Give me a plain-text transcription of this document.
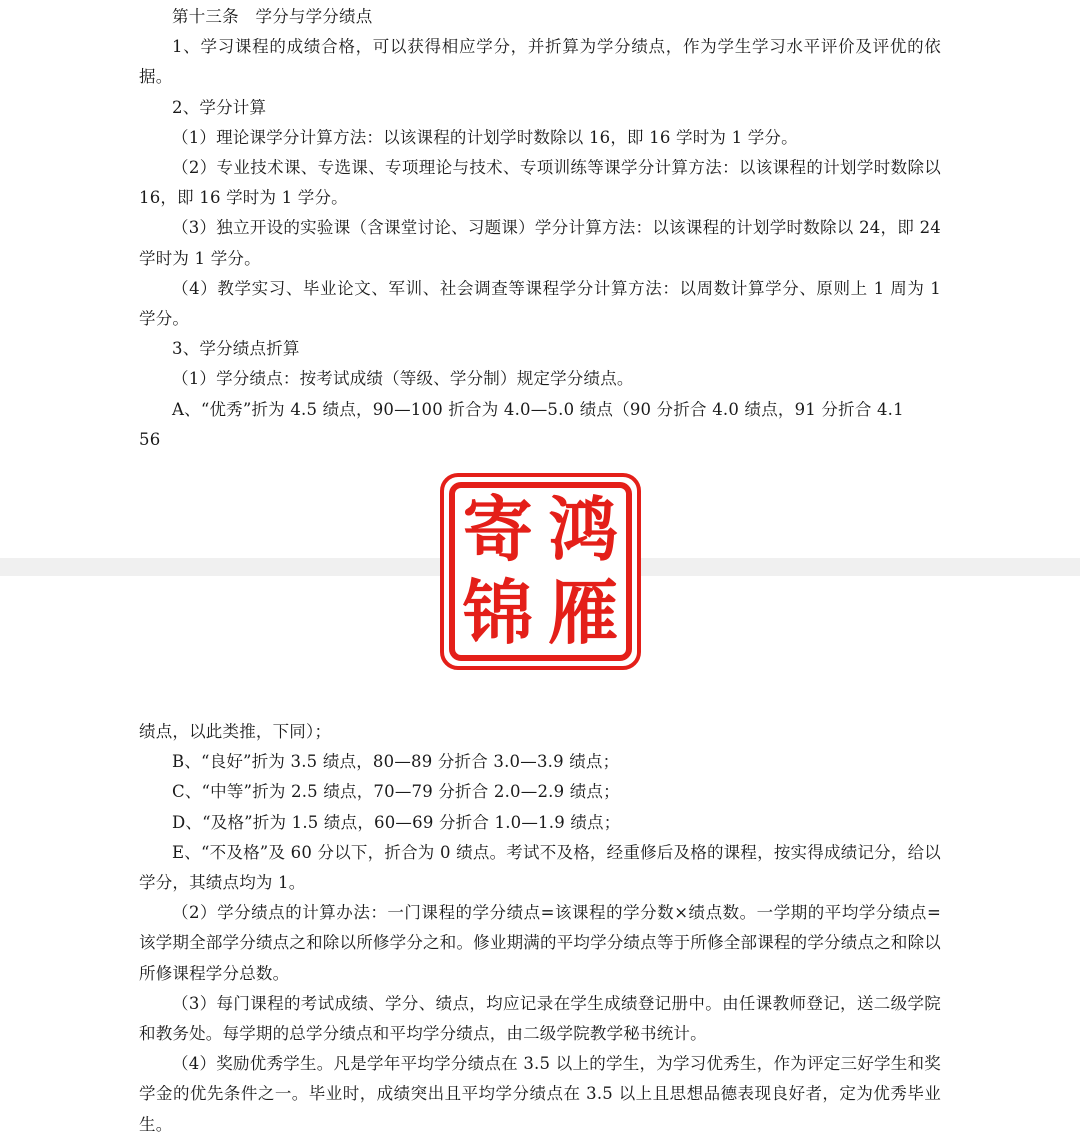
第十三条　学分与学分绩点

1、学习课程的成绩合格，可以获得相应学分，并折算为学分绩点，作为学生学习水平评价及评优的依据。

2、学分计算

（1）理论课学分计算方法：以该课程的计划学时数除以 16，即 16 学时为 1 学分。

（2）专业技术课、专选课、专项理论与技术、专项训练等课学分计算方法：以该课程的计划学时数除以 16，即 16 学时为 1 学分。

（3）独立开设的实验课（含课堂讨论、习题课）学分计算方法：以该课程的计划学时数除以 24，即 24 学时为 1 学分。

（4）教学实习、毕业论文、军训、社会调查等课程学分计算方法：以周数计算学分、原则上 1 周为 1 学分。

3、学分绩点折算

（1）学分绩点：按考试成绩（等级、学分制）规定学分绩点。

A、“优秀”折为 4.5 绩点，90—100 折合为 4.0—5.0 绩点（90 分折合 4.0 绩点，91 分折合 4.1

56

绩点，以此类推，下同）；

B、“良好”折为 3.5 绩点，80—89 分折合 3.0—3.9 绩点；

C、“中等”折为 2.5 绩点，70—79 分折合 2.0—2.9 绩点；

D、“及格”折为 1.5 绩点，60—69 分折合 1.0—1.9 绩点；

E、“不及格”及 60 分以下，折合为 0 绩点。考试不及格，经重修后及格的课程，按实得成绩记分，给以学分，其绩点均为 1。

（2）学分绩点的计算办法：一门课程的学分绩点=该课程的学分数×绩点数。一学期的平均学分绩点=该学期全部学分绩点之和除以所修学分之和。修业期满的平均学分绩点等于所修全部课程的学分绩点之和除以所修课程学分总数。

（3）每门课程的考试成绩、学分、绩点，均应记录在学生成绩登记册中。由任课教师登记，送二级学院和教务处。每学期的总学分绩点和平均学分绩点，由二级学院教学秘书统计。

（4）奖励优秀学生。凡是学年平均学分绩点在 3.5 以上的学生，为学习优秀生，作为评定三好学生和奖学金的优先条件之一。毕业时，成绩突出且平均学分绩点在 3.5 以上且思想品德表现良好者，定为优秀毕业生。

寄 鸿
锦 雁
